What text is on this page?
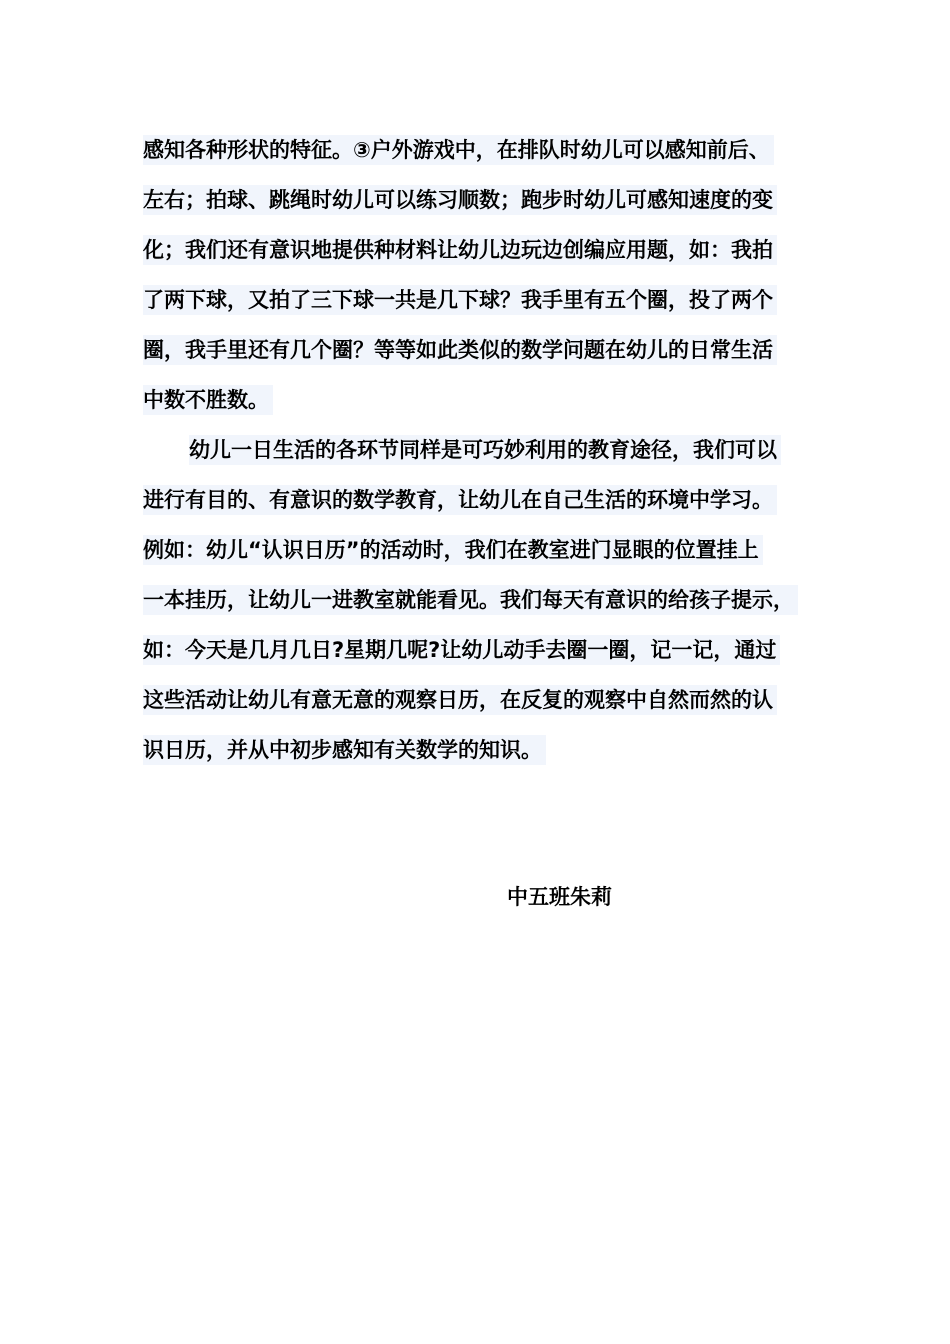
感知各种形状的特征。③户外游戏中，在排队时幼儿可以感知前后、
左右；拍球、跳绳时幼儿可以练习顺数；跑步时幼儿可感知速度的变
化；我们还有意识地提供种材料让幼儿边玩边创编应用题，如：我拍
了两下球，又拍了三下球一共是几下球？我手里有五个圈，投了两个
圈，我手里还有几个圈？等等如此类似的数学问题在幼儿的日常生活
中数不胜数。
幼儿一日生活的各环节同样是可巧妙利用的教育途径，我们可以
进行有目的、有意识的数学教育，让幼儿在自己生活的环境中学习。
例如：幼儿“认识日历”的活动时，我们在教室进门显眼的位置挂上
一本挂历，让幼儿一进教室就能看见。我们每天有意识的给孩子提示，
如：今天是几月几日?星期几呢?让幼儿动手去圈一圈，记一记，通过
这些活动让幼儿有意无意的观察日历，在反复的观察中自然而然的认
识日历，并从中初步感知有关数学的知识。
中五班朱莉
